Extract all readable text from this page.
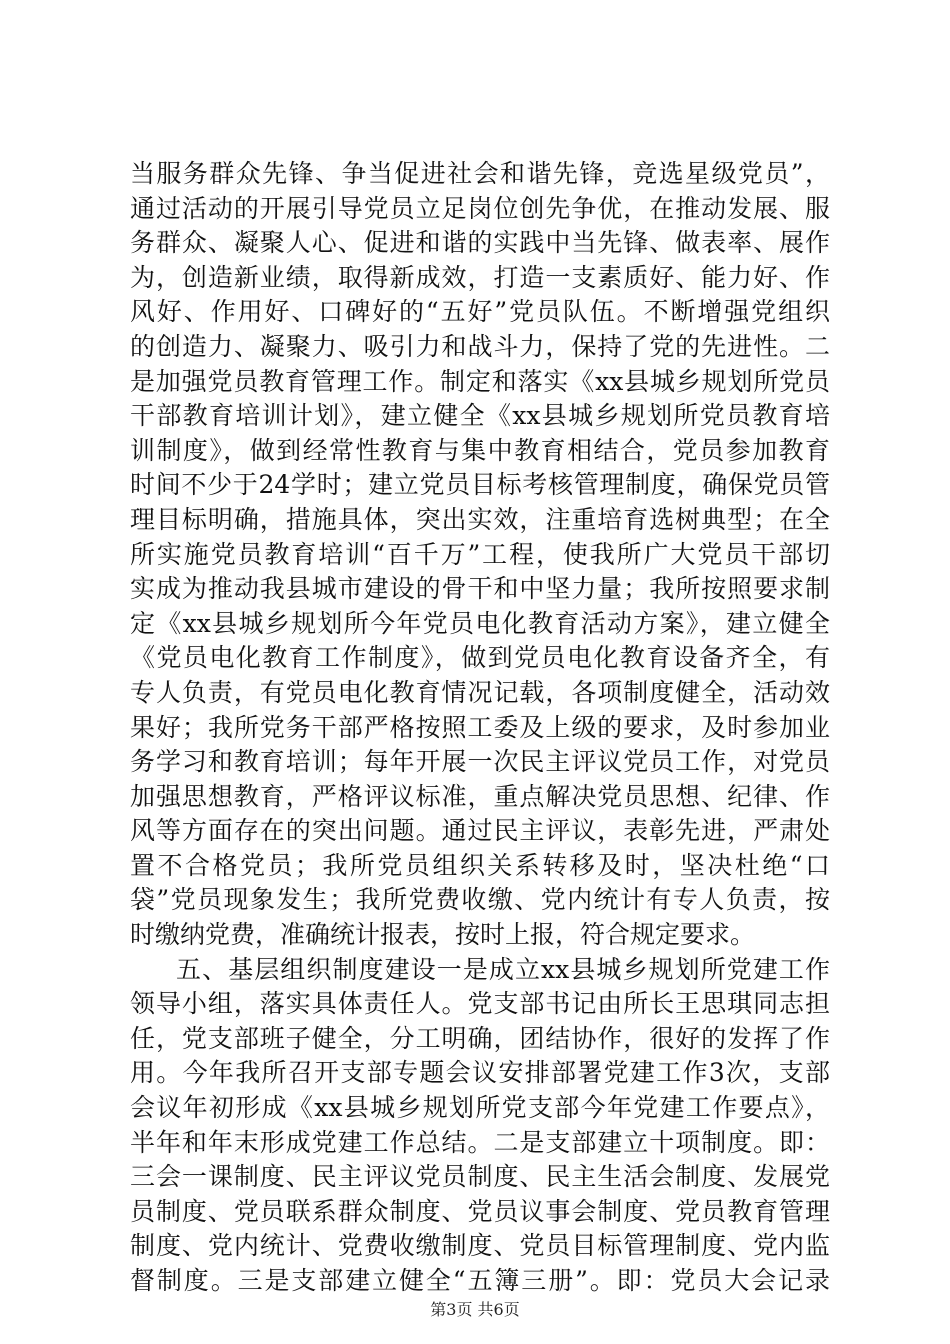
当服务群众先锋、争当促进社会和谐先锋，竞选星级党员”，
通过活动的开展引导党员立足岗位创先争优，在推动发展、服
务群众、凝聚人心、促进和谐的实践中当先锋、做表率、展作
为，创造新业绩，取得新成效，打造一支素质好、能力好、作
风好、作用好、口碑好的“五好”党员队伍。不断增强党组织
的创造力、凝聚力、吸引力和战斗力，保持了党的先进性。二
是加强党员教育管理工作。制定和落实《xx县城乡规划所党员
干部教育培训计划》，建立健全《xx县城乡规划所党员教育培
训制度》，做到经常性教育与集中教育相结合，党员参加教育
时间不少于24学时；建立党员目标考核管理制度，确保党员管
理目标明确，措施具体，突出实效，注重培育选树典型；在全
所实施党员教育培训“百千万”工程，使我所广大党员干部切
实成为推动我县城市建设的骨干和中坚力量；我所按照要求制
定《xx县城乡规划所今年党员电化教育活动方案》，建立健全
《党员电化教育工作制度》，做到党员电化教育设备齐全，有
专人负责，有党员电化教育情况记载，各项制度健全，活动效
果好；我所党务干部严格按照工委及上级的要求，及时参加业
务学习和教育培训；每年开展一次民主评议党员工作，对党员
加强思想教育，严格评议标准，重点解决党员思想、纪律、作
风等方面存在的突出问题。通过民主评议，表彰先进，严肃处
置不合格党员；我所党员组织关系转移及时，坚决杜绝“口
袋”党员现象发生；我所党费收缴、党内统计有专人负责，按
时缴纳党费，准确统计报表，按时上报，符合规定要求。
五、基层组织制度建设一是成立xx县城乡规划所党建工作
领导小组，落实具体责任人。党支部书记由所长王思琪同志担
任，党支部班子健全，分工明确，团结协作，很好的发挥了作
用。今年我所召开支部专题会议安排部署党建工作3次，支部
会议年初形成《xx县城乡规划所党支部今年党建工作要点》，
半年和年末形成党建工作总结。二是支部建立十项制度。即：
三会一课制度、民主评议党员制度、民主生活会制度、发展党
员制度、党员联系群众制度、党员议事会制度、党员教育管理
制度、党内统计、党费收缴制度、党员目标管理制度、党内监
督制度。三是支部建立健全“五簿三册”。即：党员大会记录
第3页 共6页
